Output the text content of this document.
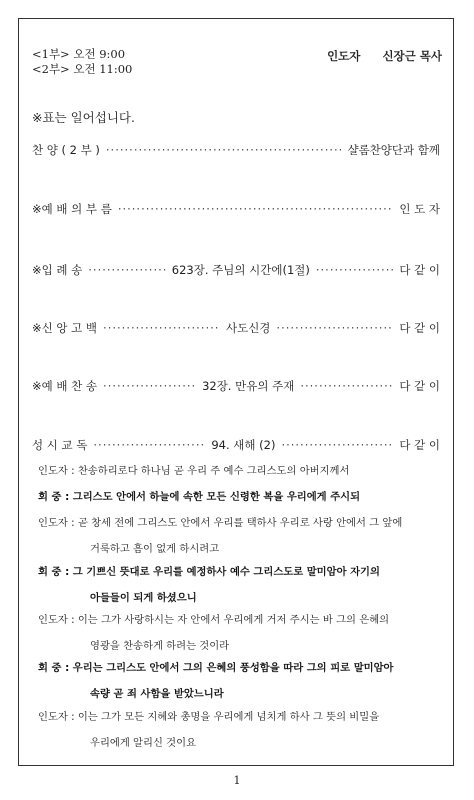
<1부> 오전 9:00
<2부> 오전 11:00
인도자 신장근 목사
※표는 일어섭니다.
찬 양 ( 2 부 ) ·····	샬롬찬양단과 함께
※예 배 의 부 름 ·····	인 도 자
※입 례 송 ·····	623장. 주님의 시간에(1절) ·····	다 같 이
※신 앙 고 백 ·····	사도신경 ·····	다 같 이
※예 배 찬 송 ·····	32장. 만유의 주재 ·····	다 같 이
성 시 교 독 ·····	94. 새해 (2) ·····	다 같 이
인도자 : 찬송하리로다 하나님 곧 우리 주 예수 그리스도의 아버지께서
회 중 : 그리스도 안에서 하늘에 속한 모든 신령한 복을 우리에게 주시되
인도자 : 곧 창세 전에 그리스도 안에서 우리를 택하사 우리로 사랑 안에서 그 앞에
거룩하고 흠이 없게 하시려고
회 중 : 그 기쁘신 뜻대로 우리를 예정하사 예수 그리스도로 말미암아 자기의
아들들이 되게 하셨으니
인도자 : 이는 그가 사랑하시는 자 안에서 우리에게 거저 주시는 바 그의 은혜의
영광을 찬송하게 하려는 것이라
회 중 : 우리는 그리스도 안에서 그의 은혜의 풍성함을 따라 그의 피로 말미암아
속량 곧 죄 사함을 받았느니라
인도자 : 이는 그가 모든 지혜와 총명을 우리에게 넘치게 하사 그 뜻의 비밀을
우리에게 알리신 것이요
1
